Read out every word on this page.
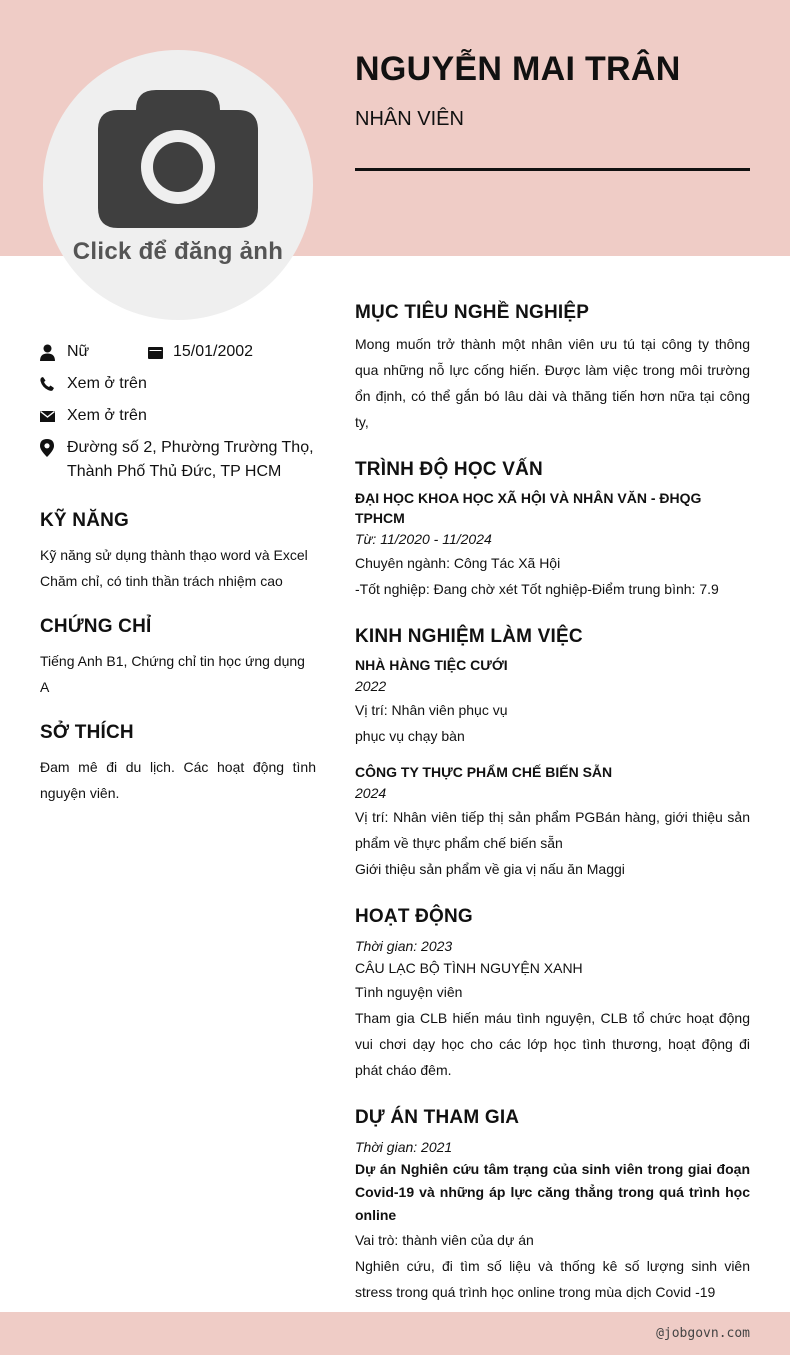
Click để đăng ảnh
NGUYỄN MAI TRÂN
NHÂN VIÊN
Nữ	15/01/2002
Xem ở trên
Xem ở trên
Đường số 2, Phường Trường Thọ,
Thành Phố Thủ Đức, TP HCM
KỸ NĂNG

Kỹ năng sử dụng thành thạo word và Excel

Chăm chỉ, có tinh thần trách nhiệm cao

CHỨNG CHỈ

Tiếng Anh B1, Chứng chỉ tin học ứng dụng A

SỞ THÍCH

Đam mê đi du lịch. Các hoạt động tình nguyện viên.

MỤC TIÊU NGHỀ NGHIỆP

Mong muốn trở thành một nhân viên ưu tú tại công ty thông qua những nỗ lực cống hiến. Được làm việc trong môi trường ổn định, có thể gắn bó lâu dài và thăng tiến hơn nữa tại công ty,

TRÌNH ĐỘ HỌC VẤN

ĐẠI HỌC KHOA HỌC XÃ HỘI VÀ NHÂN VĂN - ĐHQG TPHCM

Từ: 11/2020 - 11/2024

Chuyên ngành: Công Tác Xã Hội

-Tốt nghiệp: Đang chờ xét Tốt nghiệp-Điểm trung bình: 7.9

KINH NGHIỆM LÀM VIỆC

NHÀ HÀNG TIỆC CƯỚI

2022

Vị trí: Nhân viên phục vụ

phục vụ chạy bàn

CÔNG TY THỰC PHẨM CHẾ BIẾN SẴN

2024

Vị trí: Nhân viên tiếp thị sản phẩm PGBán hàng, giới thiệu sản phẩm về thực phẩm chế biến sẵn

Giới thiệu sản phẩm về gia vị nấu ăn Maggi

HOẠT ĐỘNG

Thời gian: 2023

CÂU LẠC BỘ TÌNH NGUYỆN XANH

Tình nguyện viên

Tham gia CLB hiến máu tình nguyện, CLB tổ chức hoạt động vui chơi dạy học cho các lớp học tình thương, hoạt động đi phát cháo đêm.

DỰ ÁN THAM GIA

Thời gian: 2021

Dự án Nghiên cứu tâm trạng của sinh viên trong giai đoạn Covid-19 và những áp lực căng thẳng trong quá trình học online

Vai trò: thành viên của dự án

Nghiên cứu, đi tìm số liệu và thống kê số lượng sinh viên stress trong quá trình học online trong mùa dịch Covid -19

@jobgovn.com
